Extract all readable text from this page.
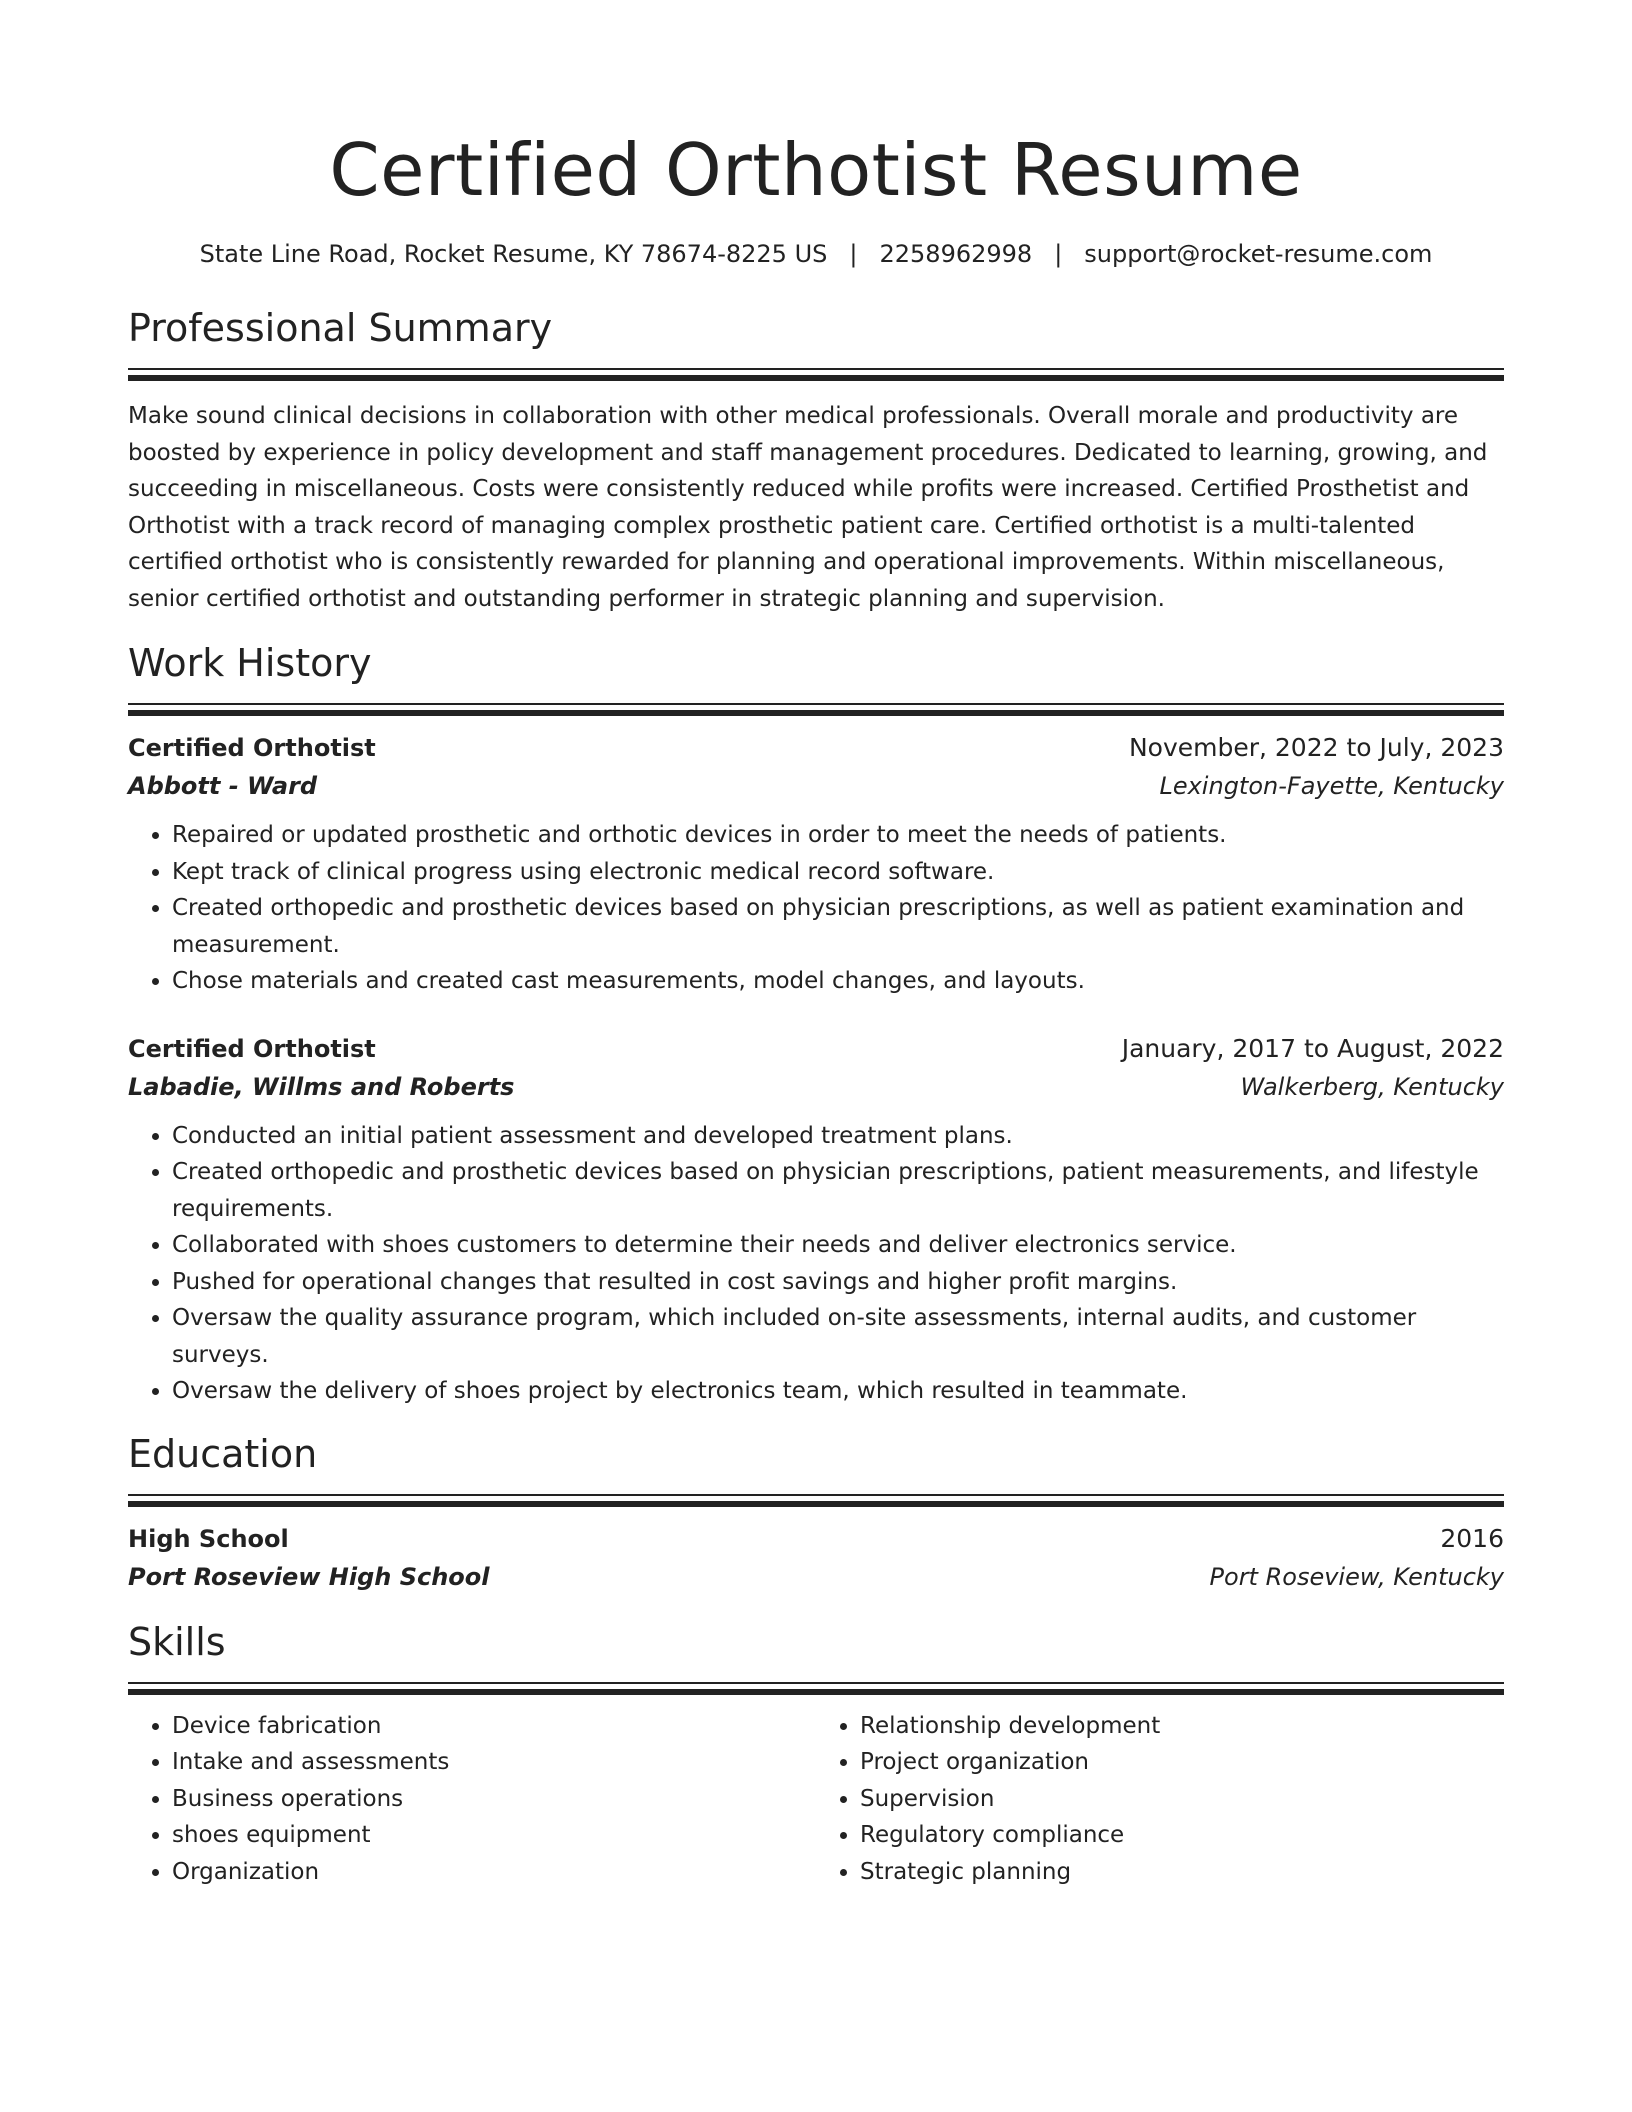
Certified Orthotist Resume
State Line Road, Rocket Resume, KY 78674-8225 US | 2258962998 | support@rocket-resume.com
Professional Summary
Make sound clinical decisions in collaboration with other medical professionals. Overall morale and productivity are boosted by experience in policy development and staff management procedures. Dedicated to learning, growing, and succeeding in miscellaneous. Costs were consistently reduced while profits were increased. Certified Prosthetist and Orthotist with a track record of managing complex prosthetic patient care. Certified orthotist is a multi-talented certified orthotist who is consistently rewarded for planning and operational improvements. Within miscellaneous, senior certified orthotist and outstanding performer in strategic planning and supervision.
Work History
Certified Orthotist	November, 2022 to July, 2023
Abbott - Ward	Lexington-Fayette, Kentucky
• Repaired or updated prosthetic and orthotic devices in order to meet the needs of patients.
• Kept track of clinical progress using electronic medical record software.
• Created orthopedic and prosthetic devices based on physician prescriptions, as well as patient examination and measurement.
• Chose materials and created cast measurements, model changes, and layouts.
Certified Orthotist	January, 2017 to August, 2022
Labadie, Willms and Roberts	Walkerberg, Kentucky
• Conducted an initial patient assessment and developed treatment plans.
• Created orthopedic and prosthetic devices based on physician prescriptions, patient measurements, and lifestyle requirements.
• Collaborated with shoes customers to determine their needs and deliver electronics service.
• Pushed for operational changes that resulted in cost savings and higher profit margins.
• Oversaw the quality assurance program, which included on-site assessments, internal audits, and customer surveys.
• Oversaw the delivery of shoes project by electronics team, which resulted in teammate.
Education
High School	2016
Port Roseview High School	Port Roseview, Kentucky
Skills
• Device fabrication
• Intake and assessments
• Business operations
• shoes equipment
• Organization
• Relationship development
• Project organization
• Supervision
• Regulatory compliance
• Strategic planning
